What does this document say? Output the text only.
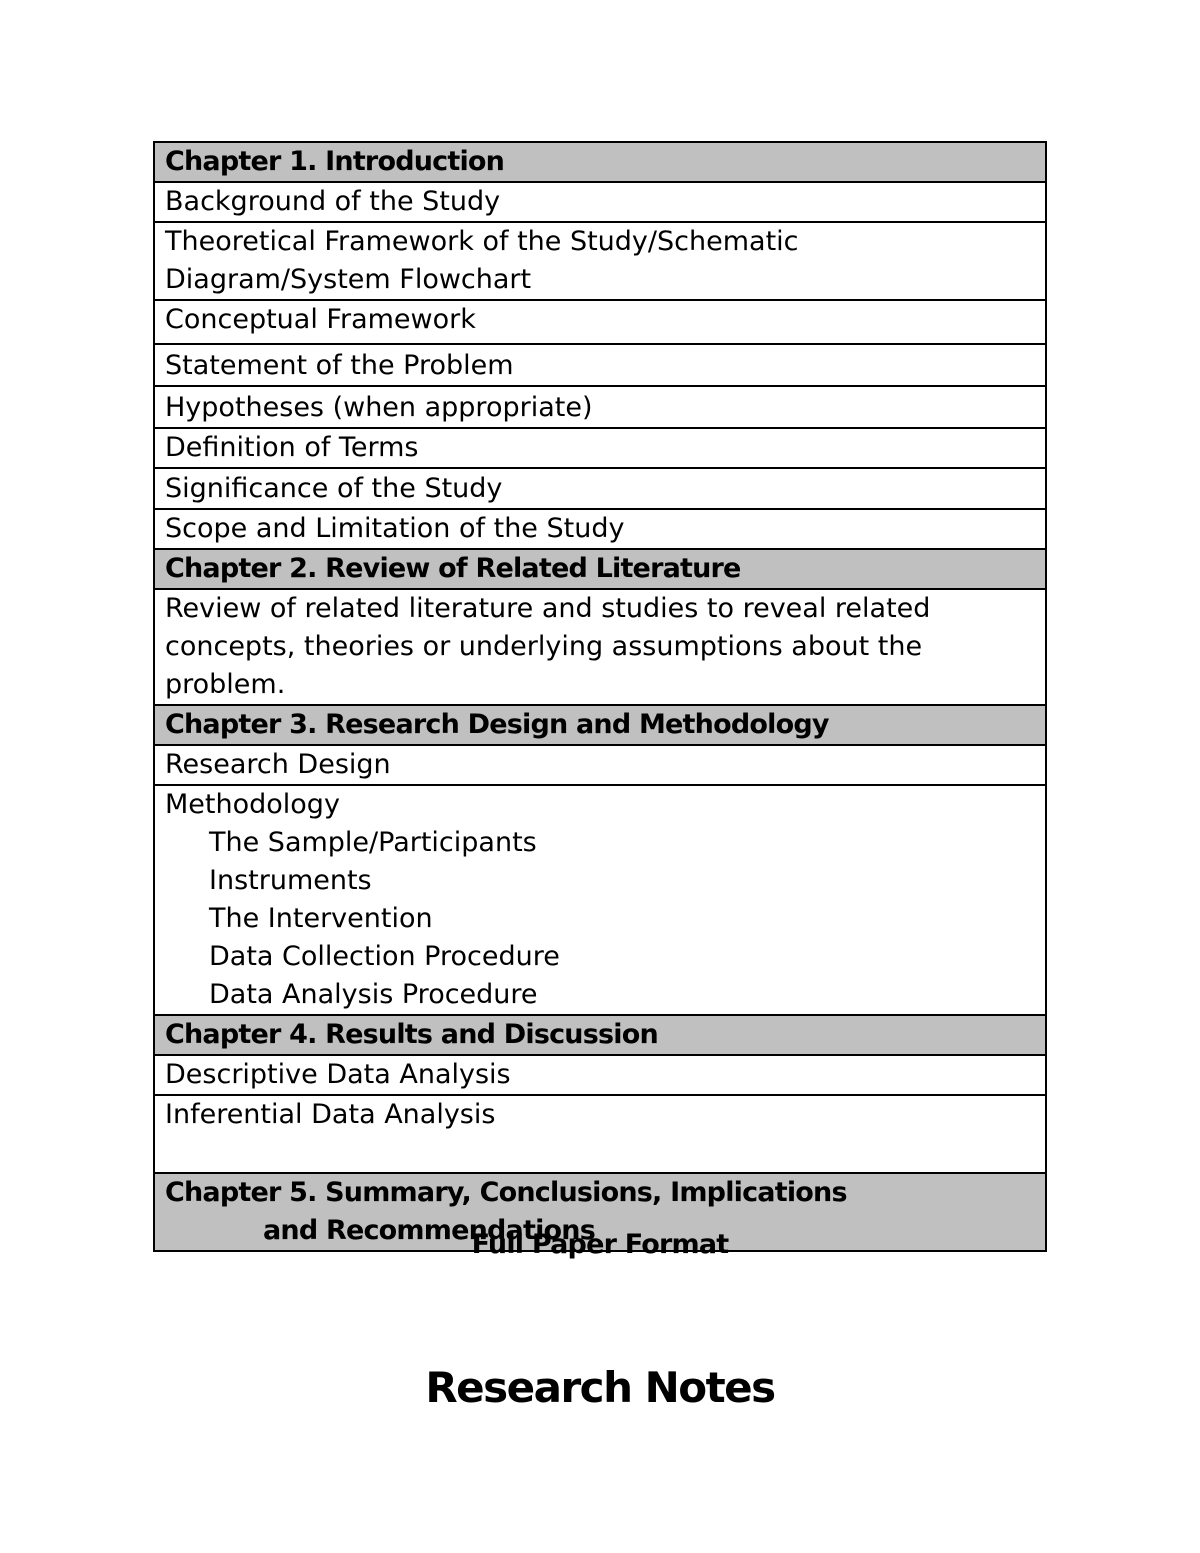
Chapter 1. Introduction
Background of the Study
Theoretical Framework of the Study/Schematic
Diagram/System Flowchart
Conceptual Framework
Statement of the Problem
Hypotheses (when appropriate)
Definition of Terms
Significance of the Study
Scope and Limitation of the Study
Chapter 2. Review of Related Literature
Review of related literature and studies to reveal related
concepts, theories or underlying assumptions about the
problem.
Chapter 3. Research Design and Methodology
Research Design
Methodology
The Sample/Participants
Instruments
The Intervention
Data Collection Procedure
Data Analysis Procedure
Chapter 4. Results and Discussion
Descriptive Data Analysis
Inferential Data Analysis
Chapter 5. Summary, Conclusions, Implications
and Recommendations
Full Paper Format
Research Notes
